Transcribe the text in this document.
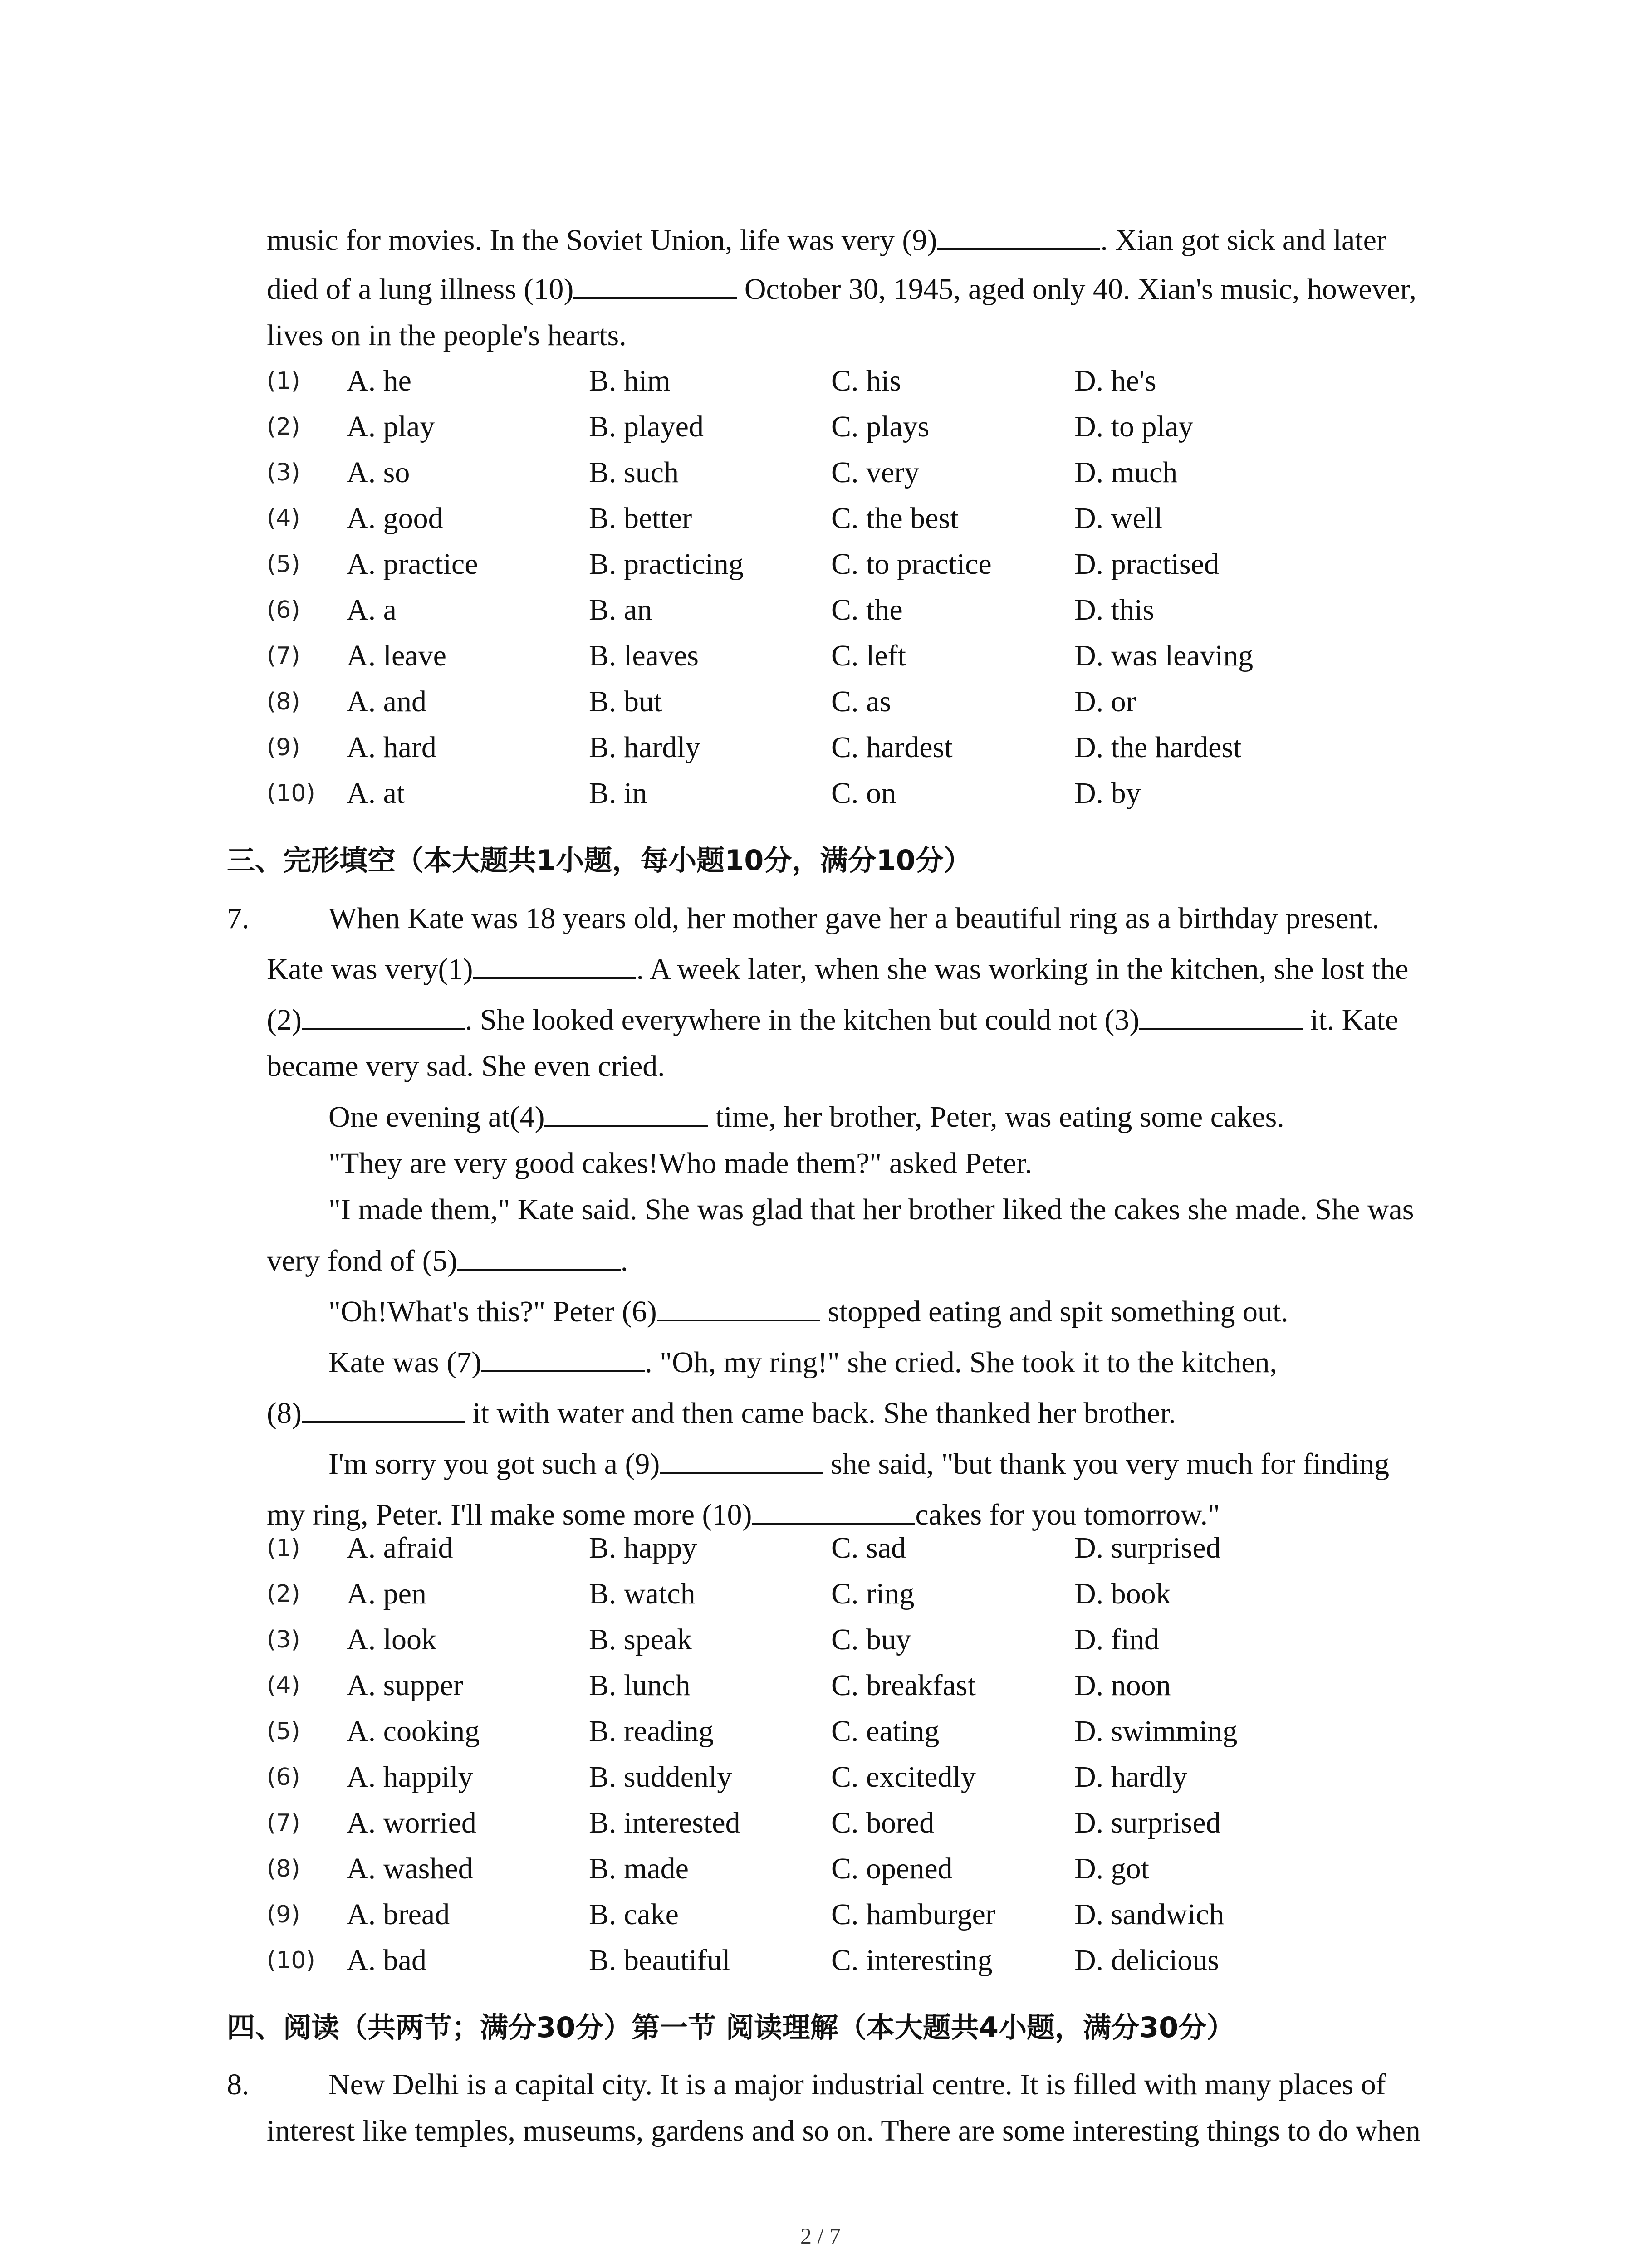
music for movies. In the Soviet Union, life was very (9)	. Xian got sick and later
died of a lung illness (10)	October 30, 1945, aged only 40. Xian's music, however,
lives on in the people's hearts.
(1) A. he	B. him	C. his	D. he's
(2) A. play	B. played	C. plays	D. to play
(3) A. so	B. such	C. very	D. much
(4) A. good	B. better	C. the best	D. well
(5) A. practice	B. practicing	C. to practice	D. practised
(6) A. a	B. an	C. the	D. this
(7) A. leave	B. leaves	C. left	D. was leaving
(8) A. and	B. but	C. as	D. or
(9) A. hard	B. hardly	C. hardest	D. the hardest
(10) A. at	B. in	C. on	D. by
三、完形填空（本大题共1小题，每小题10分，满分10分）
7.	When Kate was 18 years old, her mother gave her a beautiful ring as a birthday present.
Kate was very(1)	. A week later, when she was working in the kitchen, she lost the
(2)	. She looked everywhere in the kitchen but could not (3)	it. Kate
became very sad. She even cried.
One evening at(4)	time, her brother, Peter, was eating some cakes.
"They are very good cakes!Who made them?" asked Peter.
"I made them," Kate said. She was glad that her brother liked the cakes she made. She was
very fond of (5)	.
"Oh!What's this?" Peter (6)	stopped eating and spit something out.
Kate was (7)	. "Oh, my ring!" she cried. She took it to the kitchen,
(8)	it with water and then came back. She thanked her brother.
I'm sorry you got such a (9)	she said, "but thank you very much for finding
my ring, Peter. I'll make some more (10)	cakes for you tomorrow."
(1) A. afraid	B. happy	C. sad	D. surprised
(2) A. pen	B. watch	C. ring	D. book
(3) A. look	B. speak	C. buy	D. find
(4) A. supper	B. lunch	C. breakfast	D. noon
(5) A. cooking	B. reading	C. eating	D. swimming
(6) A. happily	B. suddenly	C. excitedly	D. hardly
(7) A. worried	B. interested	C. bored	D. surprised
(8) A. washed	B. made	C. opened	D. got
(9) A. bread	B. cake	C. hamburger	D. sandwich
(10) A. bad	B. beautiful	C. interesting	D. delicious
四、阅读（共两节；满分30分）第一节 阅读理解（本大题共4小题，满分30分）
8.	New Delhi is a capital city. It is a major industrial centre. It is filled with many places of
interest like temples, museums, gardens and so on. There are some interesting things to do when
2 / 7
